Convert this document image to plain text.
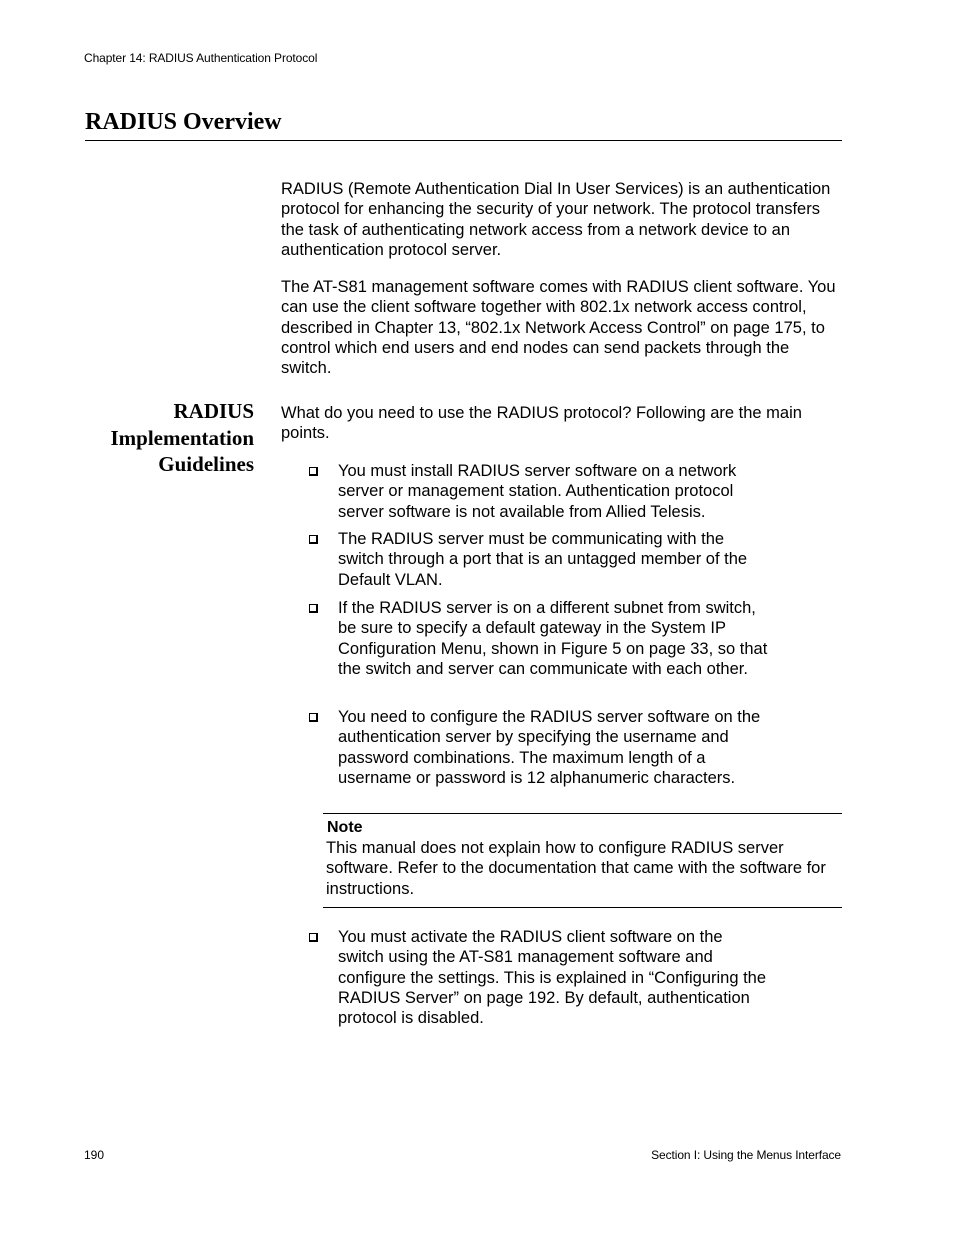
Chapter 14: RADIUS Authentication Protocol
RADIUS Overview

RADIUS (Remote Authentication Dial In User Services) is an authentication protocol for enhancing the security of your network. The protocol transfers the task of authenticating network access from a network device to an authentication protocol server.

The AT-S81 management software comes with RADIUS client software. You can use the client software together with 802.1x network access control, described in Chapter 13, “802.1x Network Access Control” on page 175, to control which end users and end nodes can send packets through the switch.

RADIUS
Implementation
Guidelines

What do you need to use the RADIUS protocol? Following are the main points.

You must install RADIUS server software on a network server or management station. Authentication protocol server software is not available from Allied Telesis.

The RADIUS server must be communicating with the switch through a port that is an untagged member of the Default VLAN.

If the RADIUS server is on a different subnet from switch, be sure to specify a default gateway in the System IP Configuration Menu, shown in Figure 5 on page 33, so that the switch and server can communicate with each other.

You need to configure the RADIUS server software on the authentication server by specifying the username and password combinations. The maximum length of a username or password is 12 alphanumeric characters.

Note

This manual does not explain how to configure RADIUS server software. Refer to the documentation that came with the software for instructions.

You must activate the RADIUS client software on the switch using the AT-S81 management software and configure the settings. This is explained in “Configuring the RADIUS Server” on page 192. By default, authentication protocol is disabled.

190	Section I: Using the Menus Interface
